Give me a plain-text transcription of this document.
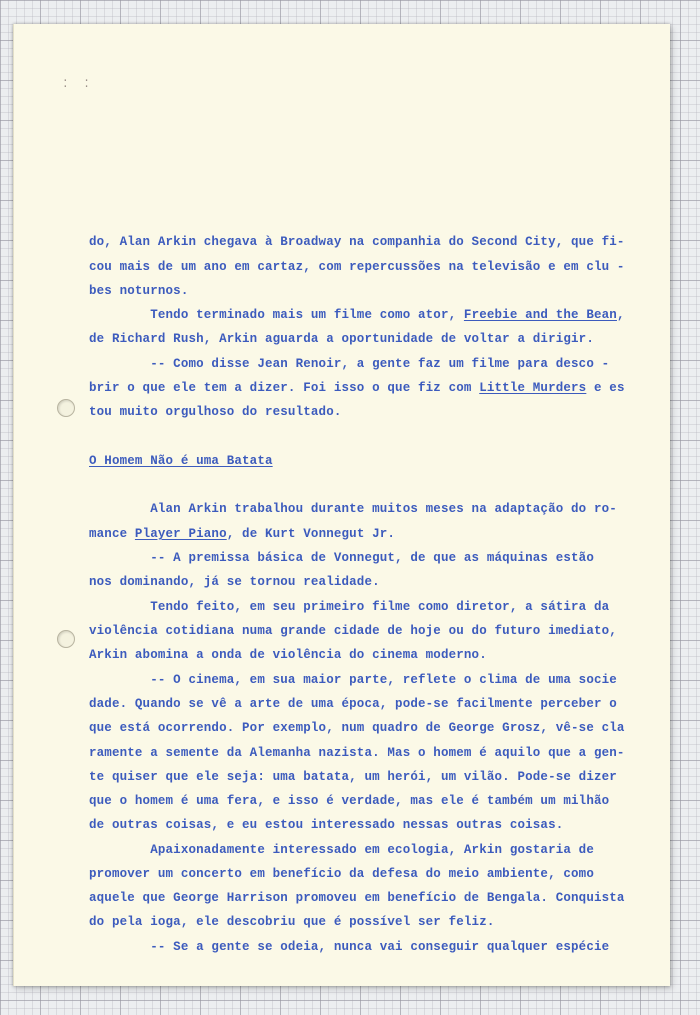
. . . .

do, Alan Arkin chegava à Broadway na companhia do Second City, que fi-

cou mais de um ano em cartaz, com repercussões na televisão e em clu -

bes noturnos.

Tendo terminado mais um filme como ator, Freebie and the Bean,

de Richard Rush, Arkin aguarda a oportunidade de voltar a dirigir.

-- Como disse Jean Renoir, a gente faz um filme para desco -

brir o que ele tem a dizer. Foi isso o que fiz com Little Murders e es

tou muito orgulhoso do resultado.

O Homem Não é uma Batata

Alan Arkin trabalhou durante muitos meses na adaptação do ro-

mance Player Piano, de Kurt Vonnegut Jr.

-- A premissa básica de Vonnegut, de que as máquinas estão

nos dominando, já se tornou realidade.

Tendo feito, em seu primeiro filme como diretor, a sátira da

violência cotidiana numa grande cidade de hoje ou do futuro imediato,

Arkin abomina a onda de violência do cinema moderno.

-- O cinema, em sua maior parte, reflete o clima de uma socie

dade. Quando se vê a arte de uma época, pode-se facilmente perceber o

que está ocorrendo. Por exemplo, num quadro de George Grosz, vê-se cla

ramente a semente da Alemanha nazista. Mas o homem é aquilo que a gen-

te quiser que ele seja: uma batata, um herói, um vilão. Pode-se dizer

que o homem é uma fera, e isso é verdade, mas ele é também um milhão

de outras coisas, e eu estou interessado nessas outras coisas.

Apaixonadamente interessado em ecologia, Arkin gostaria de

promover um concerto em benefício da defesa do meio ambiente, como

aquele que George Harrison promoveu em benefício de Bengala. Conquista

do pela ioga, ele descobriu que é possível ser feliz.

-- Se a gente se odeia, nunca vai conseguir qualquer espécie
